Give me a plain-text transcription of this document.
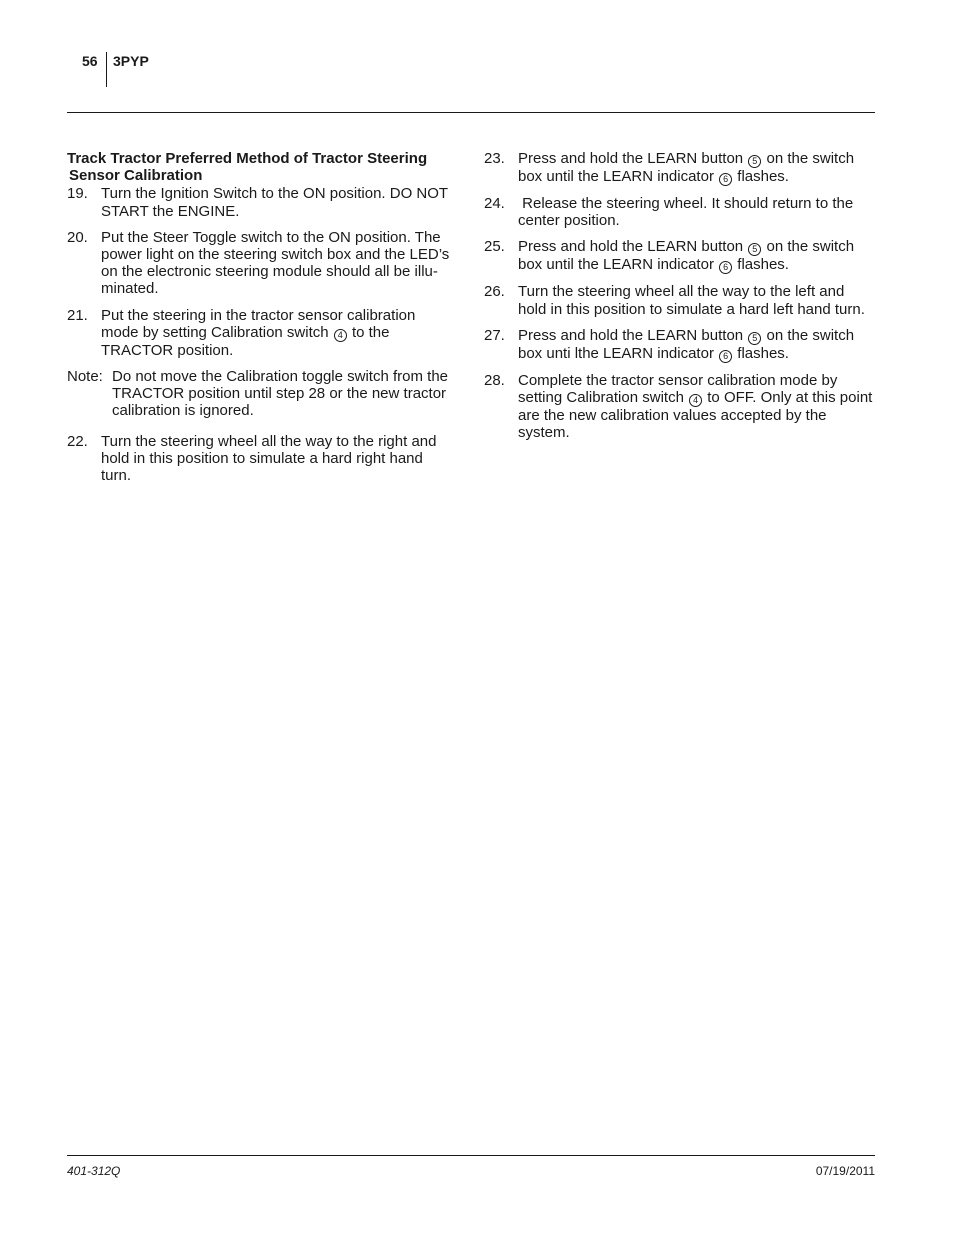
56 3PYP

Track Tractor Preferred Method of Tractor Steering
Sensor Calibration

19. Turn the Ignition Switch to the ON position. DO NOT START the ENGINE.
20. Put the Steer Toggle switch to the ON position. The power light on the steering switch box and the LED’s on the electronic steering module should all be illu- minated.
21. Put the steering in the tractor sensor calibration mode by setting Calibration switch 4 to the TRACTOR position.
Note: Do not move the Calibration toggle switch from the TRACTOR position until step 28 or the new tractor calibration is ignored.
22. Turn the steering wheel all the way to the right and hold in this position to simulate a hard right hand turn.
23. Press and hold the LEARN button 5 on the switch box until the LEARN indicator 6 flashes.
24. Release the steering wheel. It should return to the center position.
25. Press and hold the LEARN button 5 on the switch box until the LEARN indicator 6 flashes.
26. Turn the steering wheel all the way to the left and hold in this position to simulate a hard left hand turn.
27. Press and hold the LEARN button 5 on the switch box unti lthe LEARN indicator 6 flashes.
28. Complete the tractor sensor calibration mode by setting Calibration switch 4 to OFF. Only at this point are the new calibration values accepted by the system.
401-312Q	07/19/2011
